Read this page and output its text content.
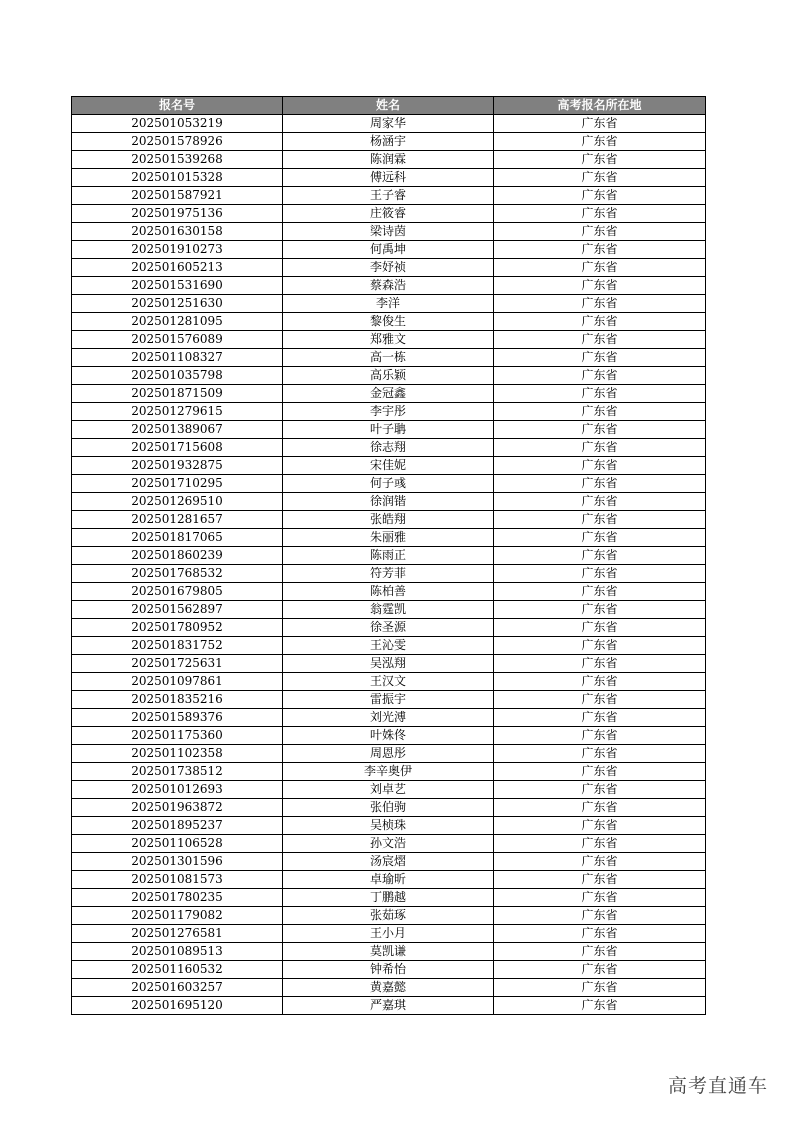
报名号	姓名	高考报名所在地
202501053219	周家华	广东省
202501578926	杨涵宇	广东省
202501539268	陈润霖	广东省
202501015328	傅远科	广东省
202501587921	王子睿	广东省
202501975136	庄筱睿	广东省
202501630158	梁诗茵	广东省
202501910273	何禹坤	广东省
202501605213	李妤祯	广东省
202501531690	蔡森浩	广东省
202501251630	李洋	广东省
202501281095	黎俊生	广东省
202501576089	郑雅文	广东省
202501108327	高一栋	广东省
202501035798	高乐颖	广东省
202501871509	金冠鑫	广东省
202501279615	李宇彤	广东省
202501389067	叶子聃	广东省
202501715608	徐志翔	广东省
202501932875	宋佳妮	广东省
202501710295	何子彧	广东省
202501269510	徐润锴	广东省
202501281657	张皓翔	广东省
202501817065	朱丽雅	广东省
202501860239	陈雨正	广东省
202501768532	符芳菲	广东省
202501679805	陈柏善	广东省
202501562897	翁霆凯	广东省
202501780952	徐圣源	广东省
202501831752	王沁雯	广东省
202501725631	吴泓翔	广东省
202501097861	王汉文	广东省
202501835216	雷振宇	广东省
202501589376	刘光溥	广东省
202501175360	叶姝佟	广东省
202501102358	周恩彤	广东省
202501738512	李辛奥伊	广东省
202501012693	刘卓艺	广东省
202501963872	张伯驹	广东省
202501895237	吴桢珠	广东省
202501106528	孙文浩	广东省
202501301596	汤宸熠	广东省
202501081573	卓瑜昕	广东省
202501780235	丁鹏越	广东省
202501179082	张茹琢	广东省
202501276581	王小月	广东省
202501089513	莫凯谦	广东省
202501160532	钟希怡	广东省
202501603257	黄嘉懿	广东省
202501695120	严嘉琪	广东省
高考直通车
